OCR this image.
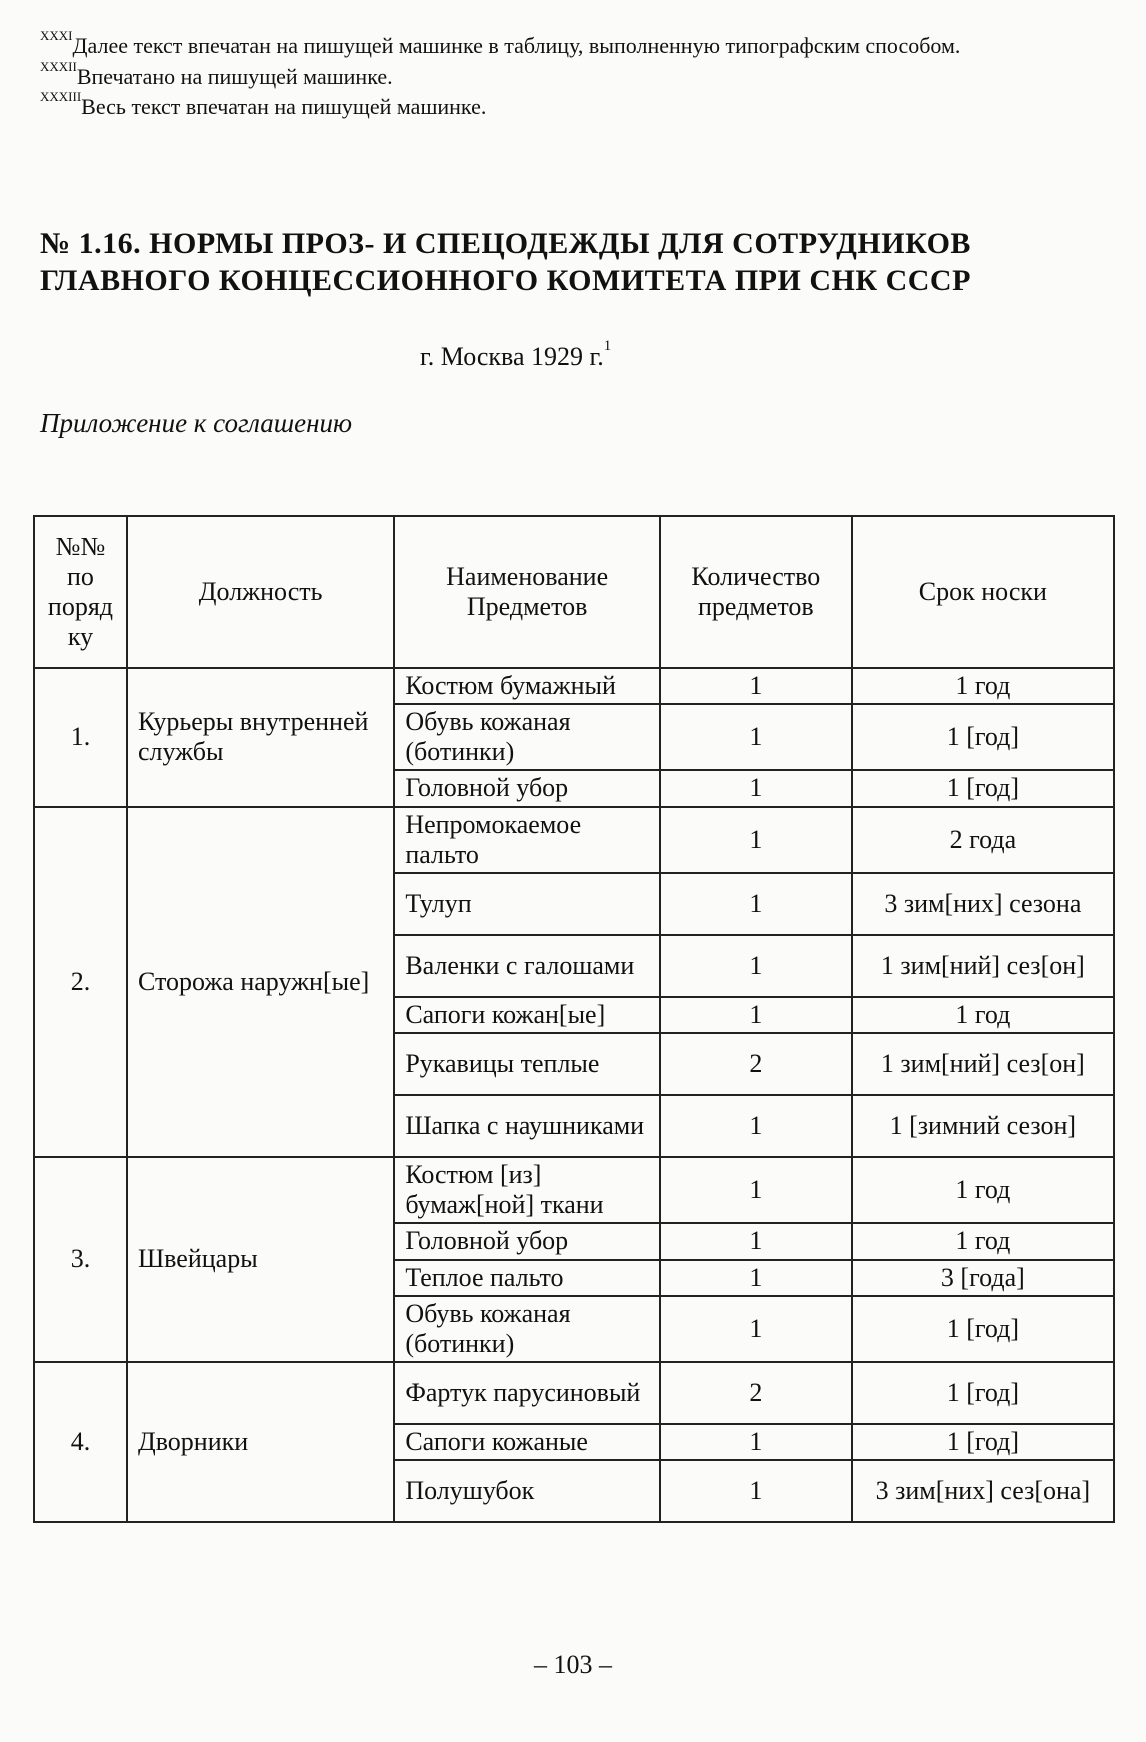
$^{XXXI}$Далее текст впечатан на пишущей машинке в таблицу, выполненную типографским способом.

$^{XXXII}$Впечатано на пишущей машинке.

$^{XXXIII}$Весь текст впечатан на пишущей машинке.

№ 1.16. НОРМЫ ПРОЗ- И СПЕЦОДЕЖДЫ ДЛЯ СОТРУДНИКОВ ГЛАВНОГО КОНЦЕССИОННОГО КОМИТЕТА ПРИ СНК СССР
г. Москва 1929 г.$^1$
Приложение к соглашению
№№ по поряд ку	Должность	Наименование Предметов	Количество предметов	Срок носки
1.	Курьеры внутренней службы	Костюм бумажный	1	1 год
		Обувь кожаная (ботинки)	1	1 [год]
		Головной убор	1	1 [год]
2.	Сторожа наружн[ые]	Непромокаемое пальто	1	2 года
		Тулуп	1	3 зим[них] сезона
		Валенки с галошами	1	1 зим[ний] сез[он]
		Сапоги кожан[ые]	1	1 год
		Рукавицы теплые	2	1 зим[ний] сез[он]
		Шапка с наушниками	1	1 [зимний сезон]
3.	Швейцары	Костюм [из] бумаж[ной] ткани	1	1 год
		Головной убор	1	1 год
		Теплое пальто	1	3 [года]
		Обувь кожаная (ботинки)	1	1 [год]
4.	Дворники	Фартук парусиновый	2	1 [год]
		Сапоги кожаные	1	1 [год]
		Полушубок	1	3 зим[них] сез[она]
– 103 –
